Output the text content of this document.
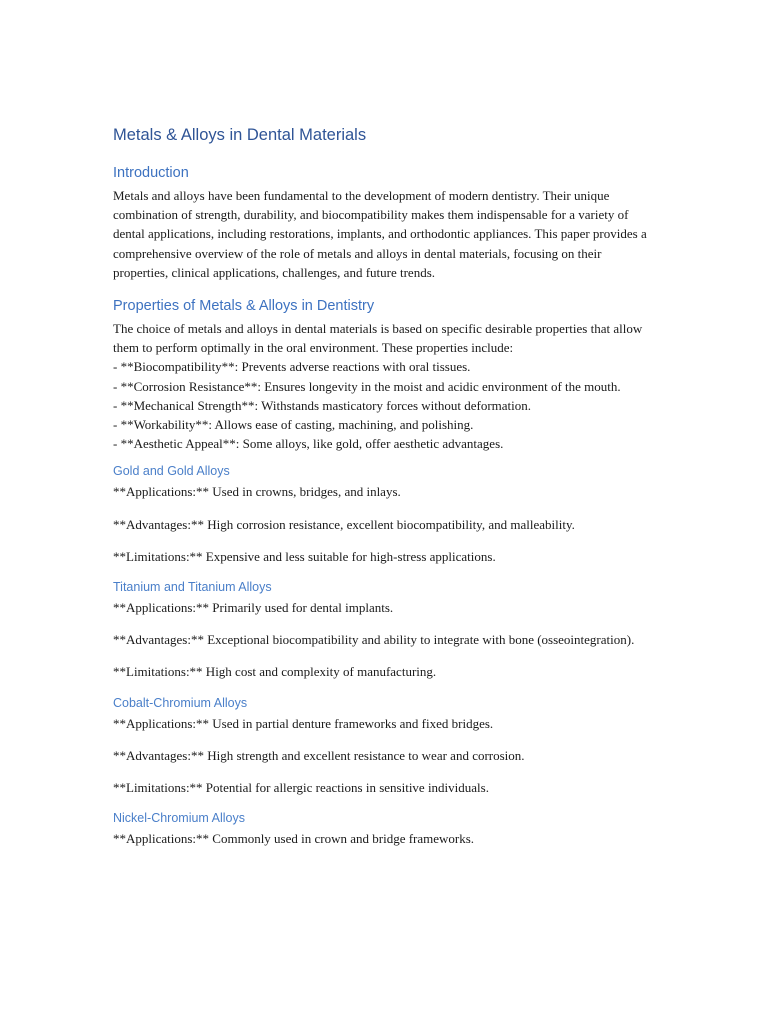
Metals & Alloys in Dental Materials
Introduction

Metals and alloys have been fundamental to the development of modern dentistry. Their unique combination of strength, durability, and biocompatibility makes them indispensable for a variety of dental applications, including restorations, implants, and orthodontic appliances. This paper provides a comprehensive overview of the role of metals and alloys in dental materials, focusing on their properties, clinical applications, challenges, and future trends.

Properties of Metals & Alloys in Dentistry

The choice of metals and alloys in dental materials is based on specific desirable properties that allow them to perform optimally in the oral environment. These properties include:
- **Biocompatibility**: Prevents adverse reactions with oral tissues.
- **Corrosion Resistance**: Ensures longevity in the moist and acidic environment of the mouth.
- **Mechanical Strength**: Withstands masticatory forces without deformation.
- **Workability**: Allows ease of casting, machining, and polishing.
- **Aesthetic Appeal**: Some alloys, like gold, offer aesthetic advantages.

Gold and Gold Alloys

**Applications:** Used in crowns, bridges, and inlays.

**Advantages:** High corrosion resistance, excellent biocompatibility, and malleability.

**Limitations:** Expensive and less suitable for high-stress applications.

Titanium and Titanium Alloys

**Applications:** Primarily used for dental implants.

**Advantages:** Exceptional biocompatibility and ability to integrate with bone (osseointegration).

**Limitations:** High cost and complexity of manufacturing.

Cobalt-Chromium Alloys

**Applications:** Used in partial denture frameworks and fixed bridges.

**Advantages:** High strength and excellent resistance to wear and corrosion.

**Limitations:** Potential for allergic reactions in sensitive individuals.

Nickel-Chromium Alloys

**Applications:** Commonly used in crown and bridge frameworks.
